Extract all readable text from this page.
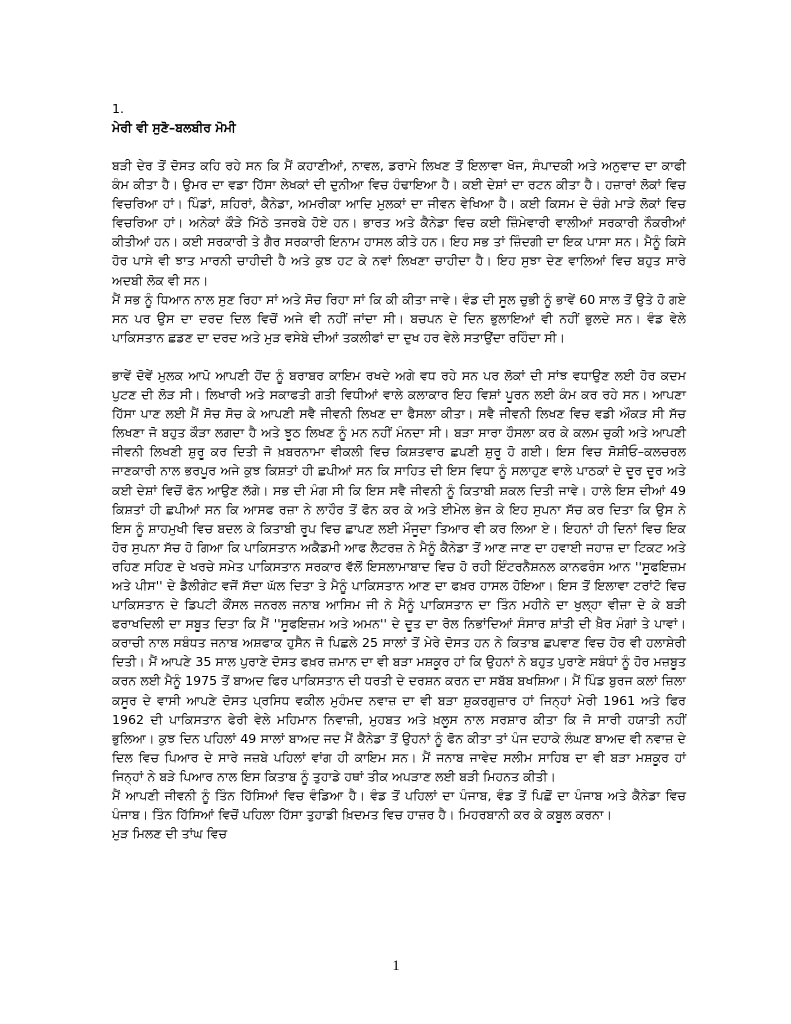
1.

ਮੇਰੀ ਵੀ ਸੁਣੋ–ਬਲਬੀਰ ਮੋਮੀ

ਬੜੀ ਦੇਰ ਤੋਂ ਦੋਸਤ ਕਹਿ ਰਹੇ ਸਨ ਕਿ ਮੈਂ ਕਹਾਣੀਆਂ, ਨਾਵਲ, ਡਰਾਮੇ ਲਿਖਣ ਤੋਂ ਇਲਾਵਾ ਖੋਜ, ਸੰਪਾਦਕੀ ਅਤੇ ਅਨੁਵਾਦ ਦਾ ਕਾਫੀ ਕੰਮ ਕੀਤਾ ਹੈ। ਉਮਰ ਦਾ ਵਡਾ ਹਿੱਸਾ ਲੇਖਕਾਂ ਦੀ ਦੁਨੀਆ ਵਿਚ ਹੰਢਾਇਆ ਹੈ। ਕਈ ਦੇਸ਼ਾਂ ਦਾ ਰਟਨ ਕੀਤਾ ਹੈ। ਹਜ਼ਾਰਾਂ ਲੋਕਾਂ ਵਿਚ ਵਿਚਰਿਆ ਹਾਂ। ਪਿੰਡਾਂ, ਸ਼ਹਿਰਾਂ, ਕੈਨੇਡਾ, ਅਮਰੀਕਾ ਆਦਿ ਮੁਲਕਾਂ ਦਾ ਜੀਵਨ ਵੇਖਿਆ ਹੈ। ਕਈ ਕਿਸਮ ਦੇ ਚੰਗੇ ਮਾੜੇ ਲੋਕਾਂ ਵਿਚ ਵਿਚਰਿਆ ਹਾਂ। ਅਨੇਕਾਂ ਕੌੜੇ ਮਿੱਠੇ ਤਜਰਬੇ ਹੋਏ ਹਨ। ਭਾਰਤ ਅਤੇ ਕੈਨੇਡਾ ਵਿਚ ਕਈ ਜ਼ਿੰਮੇਵਾਰੀ ਵਾਲੀਆਂ ਸਰਕਾਰੀ ਨੌਕਰੀਆਂ ਕੀਤੀਆਂ ਹਨ। ਕਈ ਸਰਕਾਰੀ ਤੇ ਗੈਰ ਸਰਕਾਰੀ ਇਨਾਮ ਹਾਸਲ ਕੀਤੇ ਹਨ। ਇਹ ਸਭ ਤਾਂ ਜ਼ਿੰਦਗੀ ਦਾ ਇਕ ਪਾਸਾ ਸਨ। ਮੈਨੂੰ ਕਿਸੇ ਹੋਰ ਪਾਸੇ ਵੀ ਝਾਤ ਮਾਰਨੀ ਚਾਹੀਦੀ ਹੈ ਅਤੇ ਕੁਝ ਹਟ ਕੇ ਨਵਾਂ ਲਿਖਣਾ ਚਾਹੀਦਾ ਹੈ। ਇਹ ਸੁਝਾ ਦੇਣ ਵਾਲਿਆਂ ਵਿਚ ਬਹੁਤ ਸਾਰੇ ਅਦਬੀ ਲੋਕ ਵੀ ਸਨ।

ਮੈਂ ਸਭ ਨੂੰ ਧਿਆਨ ਨਾਲ ਸੁਣ ਰਿਹਾ ਸਾਂ ਅਤੇ ਸੋਚ ਰਿਹਾ ਸਾਂ ਕਿ ਕੀ ਕੀਤਾ ਜਾਵੇ। ਵੰਡ ਦੀ ਸੂਲ ਚੁਭੀ ਨੂੰ ਭਾਵੇਂ 60 ਸਾਲ ਤੋਂ ਉਤੇ ਹੋ ਗਏ ਸਨ ਪਰ ਉਸ ਦਾ ਦਰਦ ਦਿਲ ਵਿਚੋਂ ਅਜੇ ਵੀ ਨਹੀਂ ਜਾਂਦਾ ਸੀ। ਬਚਪਨ ਦੇ ਦਿਨ ਭੁਲਾਇਆਂ ਵੀ ਨਹੀਂ ਭੁਲਦੇ ਸਨ। ਵੰਡ ਵੇਲੇ ਪਾਕਿਸਤਾਨ ਛਡਣ ਦਾ ਦਰਦ ਅਤੇ ਮੁੜ ਵਸੇਬੇ ਦੀਆਂ ਤਕਲੀਫਾਂ ਦਾ ਦੁਖ ਹਰ ਵੇਲੇ ਸਤਾਉਂਦਾ ਰਹਿੰਦਾ ਸੀ।

ਭਾਵੇਂ ਦੋਵੇਂ ਮੁਲਕ ਆਪੋ ਆਪਣੀ ਹੋਂਦ ਨੂੰ ਬਰਾਬਰ ਕਾਇਮ ਰਖਦੇ ਅਗੇ ਵਧ ਰਹੇ ਸਨ ਪਰ ਲੋਕਾਂ ਦੀ ਸਾਂਝ ਵਧਾਉਣ ਲਈ ਹੋਰ ਕਦਮ ਪੁਟਣ ਦੀ ਲੋੜ ਸੀ। ਲਿਖਾਰੀ ਅਤੇ ਸਕਾਫਤੀ ਗਤੀ ਵਿਧੀਆਂ ਵਾਲੇ ਕਲਾਕਾਰ ਇਹ ਵਿਸ਼ਾਂ ਪੂਰਨ ਲਈ ਕੰਮ ਕਰ ਰਹੇ ਸਨ। ਆਪਣਾ ਹਿੱਸਾ ਪਾਣ ਲਈ ਮੈਂ ਸੋਚ ਸੋਚ ਕੇ ਆਪਣੀ ਸਵੈ ਜੀਵਨੀ ਲਿਖਣ ਦਾ ਫੈਸਲਾ ਕੀਤਾ। ਸਵੈ ਜੀਵਨੀ ਲਿਖਣ ਵਿਚ ਵਡੀ ਔਕੜ ਸੀ ਸੱਚ ਲਿਖਣਾ ਜੋ ਬਹੁਤ ਕੌੜਾ ਲਗਦਾ ਹੈ ਅਤੇ ਝੂਠ ਲਿਖਣ ਨੂੰ ਮਨ ਨਹੀਂ ਮੰਨਦਾ ਸੀ। ਬੜਾ ਸਾਰਾ ਹੌਸਲਾ ਕਰ ਕੇ ਕਲਮ ਚੁਕੀ ਅਤੇ ਆਪਣੀ ਜੀਵਨੀ ਲਿਖਣੀ ਸ਼ੁਰੂ ਕਰ ਦਿਤੀ ਜੋ ਖ਼ਬਰਨਾਮਾ ਵੀਕਲੀ ਵਿਚ ਕਿਸ਼ਤਵਾਰ ਛਪਣੀ ਸ਼ੁਰੂ ਹੋ ਗਈ। ਇਸ ਵਿਚ ਸੋਸ਼ੀਓ–ਕਲਚਰਲ ਜਾਣਕਾਰੀ ਨਾਲ ਭਰਪੂਰ ਅਜੇ ਕੁਝ ਕਿਸ਼ਤਾਂ ਹੀ ਛਪੀਆਂ ਸਨ ਕਿ ਸਾਹਿਤ ਦੀ ਇਸ ਵਿਧਾ ਨੂੰ ਸਲਾਹੁਣ ਵਾਲੇ ਪਾਠਕਾਂ ਦੇ ਦੂਰ ਦੂਰ ਅਤੇ ਕਈ ਦੇਸ਼ਾਂ ਵਿਚੋਂ ਫੋਨ ਆਉਣ ਲੱਗੇ। ਸਭ ਦੀ ਮੰਗ ਸੀ ਕਿ ਇਸ ਸਵੈ ਜੀਵਨੀ ਨੂੰ ਕਿਤਾਬੀ ਸ਼ਕਲ ਦਿਤੀ ਜਾਵੇ। ਹਾਲੇ ਇਸ ਦੀਆਂ 49 ਕਿਸ਼ਤਾਂ ਹੀ ਛਪੀਆਂ ਸਨ ਕਿ ਆਸਫ ਰਜ਼ਾ ਨੇ ਲਾਹੌਰ ਤੋਂ ਫੋਨ ਕਰ ਕੇ ਅਤੇ ਈਮੇਲ ਭੇਜ ਕੇ ਇਹ ਸੁਪਨਾ ਸੱਚ ਕਰ ਦਿਤਾ ਕਿ ਉਸ ਨੇ ਇਸ ਨੂੰ ਸ਼ਾਹਮੁਖੀ ਵਿਚ ਬਦਲ ਕੇ ਕਿਤਾਬੀ ਰੂਪ ਵਿਚ ਛਾਪਣ ਲਈ ਮੌਜੂਦਾ ਤਿਆਰ ਵੀ ਕਰ ਲਿਆ ਏ। ਇਹਨਾਂ ਹੀ ਦਿਨਾਂ ਵਿਚ ਇਕ ਹੋਰ ਸੁਪਨਾ ਸੱਚ ਹੋ ਗਿਆ ਕਿ ਪਾਕਿਸਤਾਨ ਅਕੈਡਮੀ ਆਫ ਲੈਟਰਜ਼ ਨੇ ਮੈਨੂੰ ਕੈਨੇਡਾ ਤੋਂ ਆਣ ਜਾਣ ਦਾ ਹਵਾਈ ਜਹਾਜ਼ ਦਾ ਟਿਕਟ ਅਤੇ ਰਹਿਣ ਸਹਿਣ ਦੇ ਖਰਚੇ ਸਮੇਤ ਪਾਕਿਸਤਾਨ ਸਰਕਾਰ ਵੱਲੋਂ ਇਸਲਾਮਾਬਾਦ ਵਿਚ ਹੋ ਰਹੀ ਇੰਟਰਨੈਸ਼ਨਲ ਕਾਨਫਰੰਸ ਆਨ ''ਸੂਫਇਜ਼ਮ ਅਤੇ ਪੀਸ'' ਦੇ ਡੈਲੀਗੇਟ ਵਜੋਂ ਸੱਦਾ ਘੱਲ ਦਿਤਾ ਤੇ ਮੈਨੂੰ ਪਾਕਿਸਤਾਨ ਆਣ ਦਾ ਫਖ਼ਰ ਹਾਸਲ ਹੋਇਆ। ਇਸ ਤੋਂ ਇਲਾਵਾ ਟਰਾਂਟੋ ਵਿਚ ਪਾਕਿਸਤਾਨ ਦੇ ਡਿਪਟੀ ਕੌਂਸਲ ਜਨਰਲ ਜਨਾਬ ਆਸਿਮ ਜੀ ਨੇ ਮੈਨੂੰ ਪਾਕਿਸਤਾਨ ਦਾ ਤਿੰਨ ਮਹੀਨੇ ਦਾ ਖੁਲ੍ਹਾ ਵੀਜ਼ਾ ਦੇ ਕੇ ਬੜੀ ਫਰਾਖਦਿਲੀ ਦਾ ਸਬੂਤ ਦਿਤਾ ਕਿ ਮੈਂ ''ਸੂਫਇਜ਼ਮ ਅਤੇ ਅਮਨ'' ਦੇ ਦੂਤ ਦਾ ਰੋਲ ਨਿਭਾਂਦਿਆਂ ਸੰਸਾਰ ਸ਼ਾਂਤੀ ਦੀ ਖ਼ੈਰ ਮੰਗਾਂ ਤੇ ਪਾਵਾਂ। ਕਰਾਚੀ ਨਾਲ ਸਬੰਧਤ ਜਨਾਬ ਅਸ਼ਫਾਕ ਹੁਸੈਨ ਜੋ ਪਿਛਲੇ 25 ਸਾਲਾਂ ਤੋਂ ਮੇਰੇ ਦੋਸਤ ਹਨ ਨੇ ਕਿਤਾਬ ਛਪਵਾਣ ਵਿਚ ਹੋਰ ਵੀ ਹਲਾਸ਼ੇਰੀ ਦਿਤੀ। ਮੈਂ ਆਪਣੇ 35 ਸਾਲ ਪੁਰਾਣੇ ਦੋਸਤ ਫਖ਼ਰ ਜ਼ਮਾਨ ਦਾ ਵੀ ਬੜਾ ਮਸ਼ਕੂਰ ਹਾਂ ਕਿ ਉਹਨਾਂ ਨੇ ਬਹੁਤ ਪੁਰਾਣੇ ਸਬੰਧਾਂ ਨੂੰ ਹੋਰ ਮਜ਼ਬੂਤ ਕਰਨ ਲਈ ਮੈਨੂੰ 1975 ਤੋਂ ਬਾਅਦ ਫਿਰ ਪਾਕਿਸਤਾਨ ਦੀ ਧਰਤੀ ਦੇ ਦਰਸ਼ਨ ਕਰਨ ਦਾ ਸਬੱਬ ਬਖਸ਼ਿਆ। ਮੈਂ ਪਿੰਡ ਬੁਰਜ ਕਲਾਂ ਜ਼ਿਲਾ ਕਸੂਰ ਦੇ ਵਾਸੀ ਆਪਣੇ ਦੋਸਤ ਪ੍ਰਸਿਧ ਵਕੀਲ ਮੁਹੰਮਦ ਨਵਾਜ਼ ਦਾ ਵੀ ਬੜਾ ਸ਼ੁਕਰਗੁਜ਼ਾਰ ਹਾਂ ਜਿਨ੍ਹਾਂ ਮੇਰੀ 1961 ਅਤੇ ਫਿਰ 1962 ਦੀ ਪਾਕਿਸਤਾਨ ਫੇਰੀ ਵੇਲੇ ਮਹਿਮਾਨ ਨਿਵਾਜ਼ੀ, ਮੁਹਬਤ ਅਤੇ ਖ਼ਲੂਸ ਨਾਲ ਸਰਸ਼ਾਰ ਕੀਤਾ ਕਿ ਜੋ ਸਾਰੀ ਹਯਾਤੀ ਨਹੀਂ ਭੁਲਿਆ। ਕੁਝ ਦਿਨ ਪਹਿਲਾਂ 49 ਸਾਲਾਂ ਬਾਅਦ ਜਦ ਮੈਂ ਕੈਨੇਡਾ ਤੋਂ ਉਹਨਾਂ ਨੂੰ ਫੋਨ ਕੀਤਾ ਤਾਂ ਪੰਜ ਦਹਾਕੇ ਲੰਘਣ ਬਾਅਦ ਵੀ ਨਵਾਜ਼ ਦੇ ਦਿਲ ਵਿਚ ਪਿਆਰ ਦੇ ਸਾਰੇ ਜਜ਼ਬੇ ਪਹਿਲਾਂ ਵਾਂਗ ਹੀ ਕਾਇਮ ਸਨ। ਮੈਂ ਜਨਾਬ ਜਾਵੇਦ ਸਲੀਮ ਸਾਹਿਬ ਦਾ ਵੀ ਬੜਾ ਮਸ਼ਕੂਰ ਹਾਂ ਜਿਨ੍ਹਾਂ ਨੇ ਬੜੇ ਪਿਆਰ ਨਾਲ ਇਸ ਕਿਤਾਬ ਨੂੰ ਤੁਹਾਡੇ ਹਥਾਂ ਤੀਕ ਅਪੜਾਣ ਲਈ ਬੜੀ ਮਿਹਨਤ ਕੀਤੀ।

ਮੈਂ ਆਪਣੀ ਜੀਵਨੀ ਨੂੰ ਤਿੰਨ ਹਿੱਸਿਆਂ ਵਿਚ ਵੰਡਿਆ ਹੈ। ਵੰਡ ਤੋਂ ਪਹਿਲਾਂ ਦਾ ਪੰਜਾਬ, ਵੰਡ ਤੋਂ ਪਿਛੋਂ ਦਾ ਪੰਜਾਬ ਅਤੇ ਕੈਨੇਡਾ ਵਿਚ ਪੰਜਾਬ। ਤਿੰਨ ਹਿੱਸਿਆਂ ਵਿਚੋਂ ਪਹਿਲਾ ਹਿੱਸਾ ਤੁਹਾਡੀ ਖ਼ਿਦਮਤ ਵਿਚ ਹਾਜ਼ਰ ਹੈ। ਮਿਹਰਬਾਨੀ ਕਰ ਕੇ ਕਬੂਲ ਕਰਨਾ।

ਮੁੜ ਮਿਲਣ ਦੀ ਤਾਂਘ ਵਿਚ

1
